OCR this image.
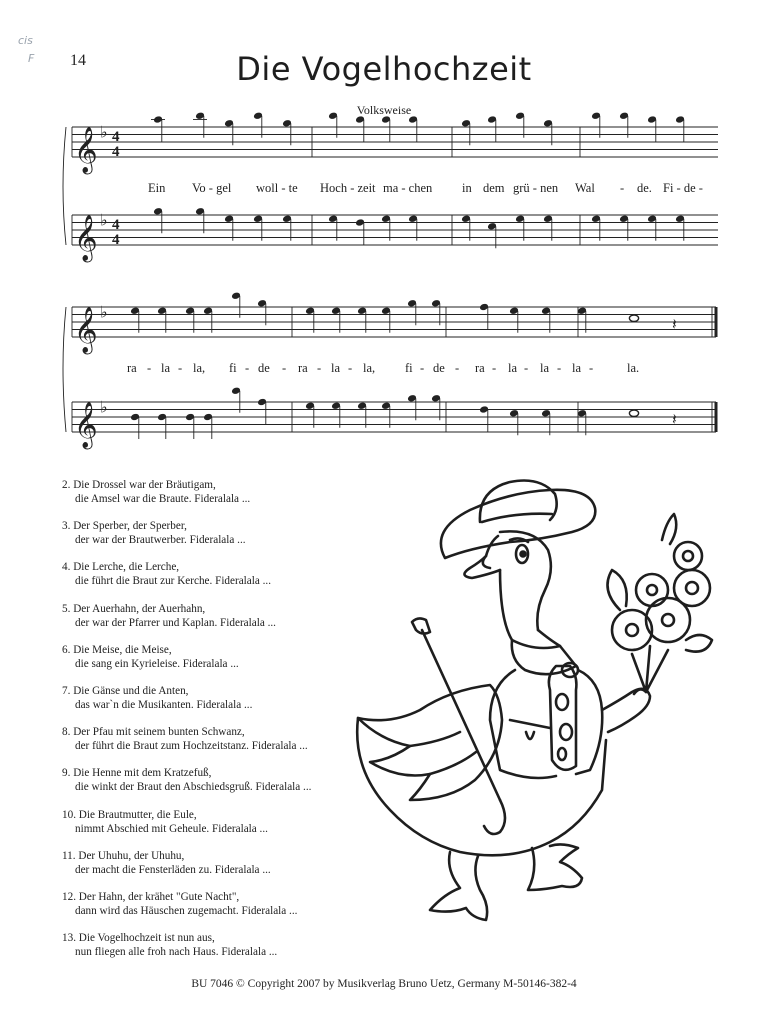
cis
F 14	Die Vogelhochzeit
Volksweise
𝄞 ♭ 4
4
𝄞 ♭ 4
4
𝄞 ♭
𝄞 ♭
𝄽
𝄽
Ein Vo - gel woll - te Hoch - zeit ma - chen in dem grü - nen Wal - de. Fi - de -
ra - la - la, fi - de - ra - la - la, fi - de - ra - la - la - la -	la.
2. Die Drossel war der Bräutigam,
die Amsel war die Braute. Fideralala ...
3. Der Sperber, der Sperber,
der war der Brautwerber. Fideralala ...
4. Die Lerche, die Lerche,
die führt die Braut zur Kerche. Fideralala ...
5. Der Auerhahn, der Auerhahn,
der war der Pfarrer und Kaplan. Fideralala ...
6. Die Meise, die Meise,
die sang ein Kyrieleise. Fideralala ...
7. Die Gänse und die Anten,
das war`n die Musikanten. Fideralala ...
8. Der Pfau mit seinem bunten Schwanz,
der führt die Braut zum Hochzeitstanz. Fideralala ...
9. Die Henne mit dem Kratzefuß,
die winkt der Braut den Abschiedsgruß. Fideralala ...
10. Die Brautmutter, die Eule,
nimmt Abschied mit Geheule. Fideralala ...
11. Der Uhuhu, der Uhuhu,
der macht die Fensterläden zu. Fideralala ...
12. Der Hahn, der krähet "Gute Nacht",
dann wird das Häuschen zugemacht. Fideralala ...
13. Die Vogelhochzeit ist nun aus,
nun fliegen alle froh nach Haus. Fideralala ...
BU 7046 © Copyright 2007 by Musikverlag Bruno Uetz, Germany M-50146-382-4
